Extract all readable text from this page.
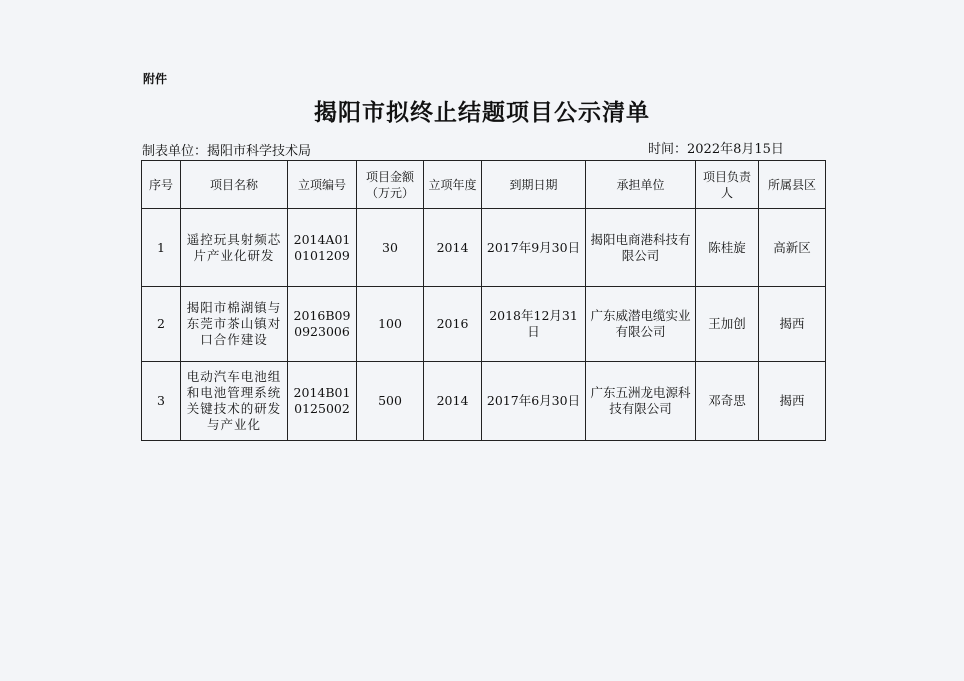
附件
揭阳市拟终止结题项目公示清单
制表单位：揭阳市科学技术局	时间：2022年8月15日
序号	项目名称	立项编号	项目金额（万元）	立项年度	到期日期	承担单位	项目负责人	所属县区
1	遥控玩具射频芯片产业化研发	2014A010101209	30	2014	2017年9月30日	揭阳电商港科技有限公司	陈桂旋	高新区
2	揭阳市棉湖镇与东莞市茶山镇对口合作建设	2016B090923006	100	2016	2018年12月31日	广东威潜电缆实业有限公司	王加创	揭西
3	电动汽车电池组和电池管理系统关键技术的研发与产业化	2014B010125002	500	2014	2017年6月30日	广东五洲龙电源科技有限公司	邓奇思	揭西
